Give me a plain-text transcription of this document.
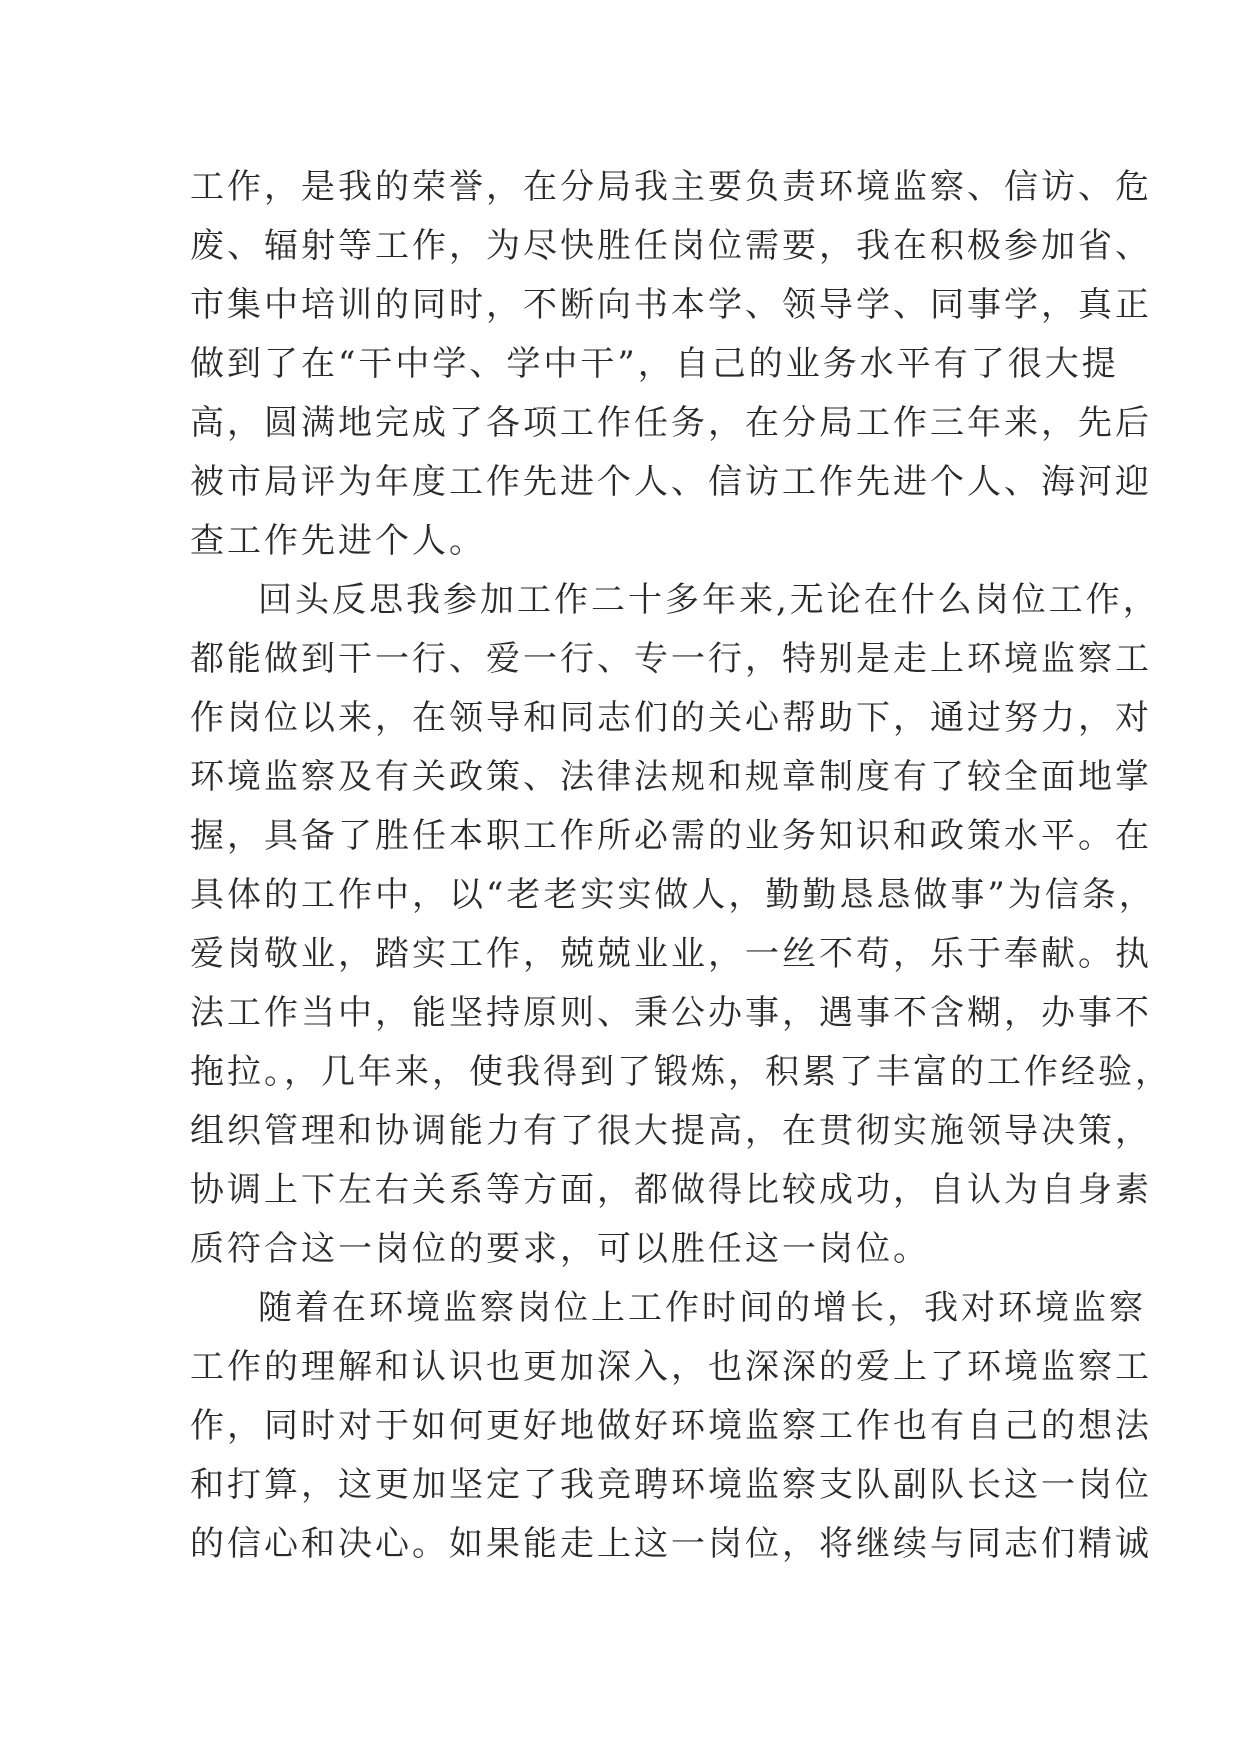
工作，是我的荣誉，在分局我主要负责环境监察、信访、危
废、辐射等工作，为尽快胜任岗位需要，我在积极参加省、
市集中培训的同时，不断向书本学、领导学、同事学，真正
做到了在“干中学、学中干”，自己的业务水平有了很大提
高，圆满地完成了各项工作任务，在分局工作三年来，先后
被市局评为年度工作先进个人、信访工作先进个人、海河迎
查工作先进个人。
回头反思我参加工作二十多年来,无论在什么岗位工作，
都能做到干一行、爱一行、专一行，特别是走上环境监察工
作岗位以来，在领导和同志们的关心帮助下，通过努力，对
环境监察及有关政策、法律法规和规章制度有了较全面地掌
握，具备了胜任本职工作所必需的业务知识和政策水平。在
具体的工作中，以“老老实实做人，勤勤恳恳做事”为信条，
爱岗敬业，踏实工作，兢兢业业，一丝不苟，乐于奉献。执
法工作当中，能坚持原则、秉公办事，遇事不含糊，办事不
拖拉。，几年来，使我得到了锻炼，积累了丰富的工作经验，
组织管理和协调能力有了很大提高，在贯彻实施领导决策，
协调上下左右关系等方面，都做得比较成功，自认为自身素
质符合这一岗位的要求，可以胜任这一岗位。
随着在环境监察岗位上工作时间的增长，我对环境监察
工作的理解和认识也更加深入，也深深的爱上了环境监察工
作，同时对于如何更好地做好环境监察工作也有自己的想法
和打算，这更加坚定了我竞聘环境监察支队副队长这一岗位
的信心和决心。如果能走上这一岗位，将继续与同志们精诚
